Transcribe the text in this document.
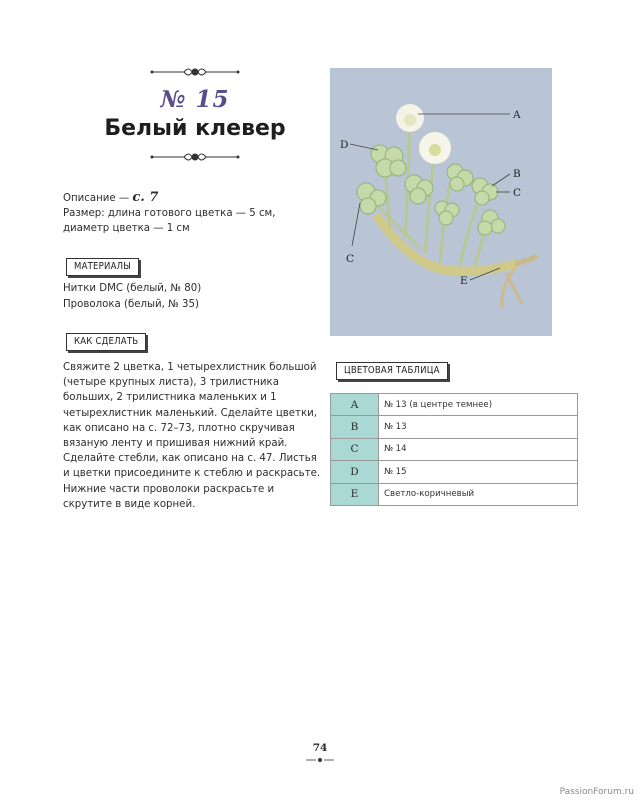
№ 15
Белый клевер
Описание — с. 7
Размер: длина готового цветка — 5 см, диаметр цветка — 1 см
МАТЕРИАЛЫ
Нитки DMC (белый, № 80)
Проволока (белый, № 35)
КАК СДЕЛАТЬ
Свяжите 2 цветка, 1 четырехлистник большой (четыре крупных листа), 3 трилистника больших, 2 трилистника маленьких и 1 четырехлистник маленький. Сделайте цветки, как описано на с. 72–73, плотно скручивая вязаную ленту и пришивая нижний край. Сделайте стебли, как описано на с. 47. Листья и цветки присоедините к стеблю и раскрасьте. Нижние части проволоки раскрасьте и скрутите в виде корней.
A
B
C
D
C
E
ЦВЕТОВАЯ ТАБЛИЦА
A	№ 13 (в центре темнее)
B	№ 13
C	№ 14
D	№ 15
E	Светло-коричневый
74
PassionForum.ru
